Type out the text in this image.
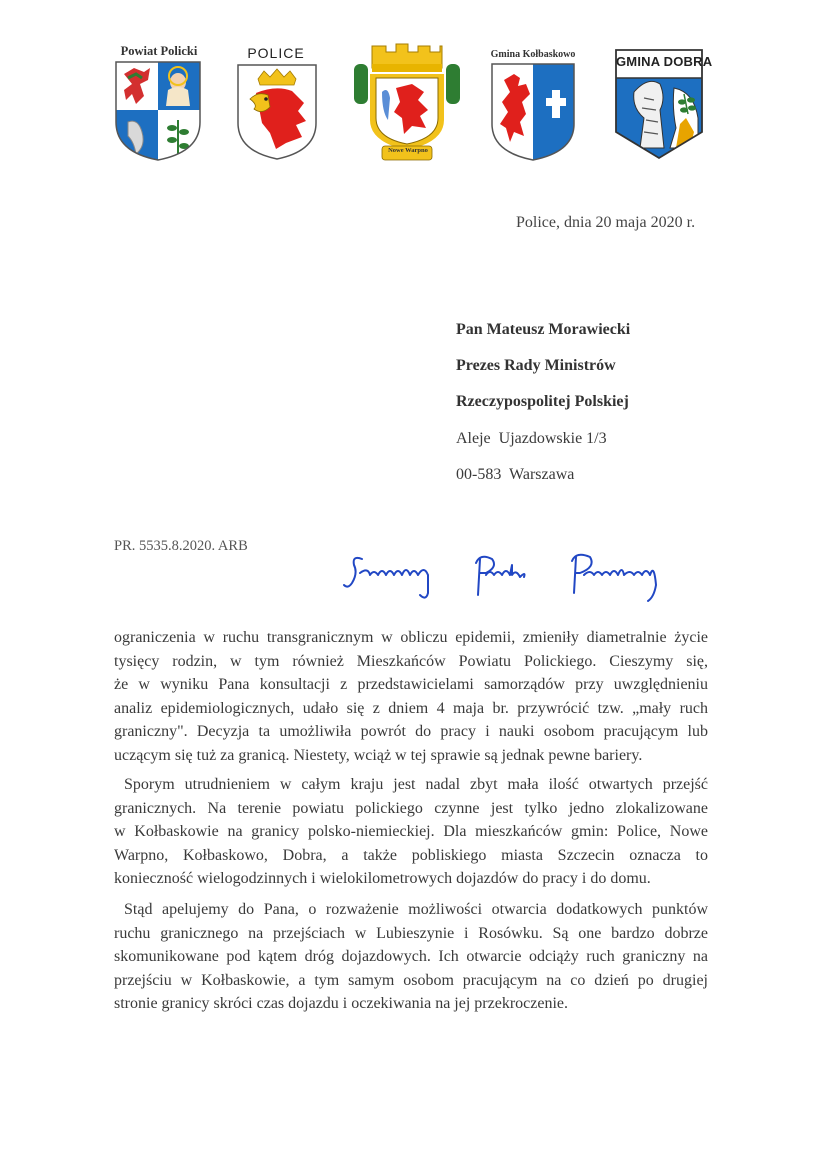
Powiat Policki	POLICE
Nowe Warpno
Gmina Kołbaskowo	GMINA DOBRA
Police, dnia 20 maja 2020 r.
Pan Mateusz Morawiecki
Prezes Rady Ministrów
Rzeczypospolitej Polskiej
Aleje  Ujazdowskie 1/3
00-583  Warszawa
PR. 5535.8.2020. ARB
ograniczenia w ruchu transgranicznym w obliczu epidemii, zmieniły diametralnie życie
tysięcy rodzin, w tym również Mieszkańców Powiatu Polickiego. Cieszymy się,
że w wyniku Pana konsultacji z przedstawicielami samorządów przy uwzględnieniu
analiz epidemiologicznych, udało się z dniem 4 maja br. przywrócić tzw. „mały ruch
graniczny". Decyzja ta umożliwiła powrót do pracy i nauki osobom pracującym lub
uczącym się tuż za granicą. Niestety, wciąż w tej sprawie są jednak pewne bariery.
Sporym utrudnieniem w całym kraju jest nadal zbyt mała ilość otwartych przejść
granicznych. Na terenie powiatu polickiego czynne jest tylko jedno zlokalizowane
w Kołbaskowie na granicy polsko-niemieckiej. Dla mieszkańców gmin: Police, Nowe
Warpno, Kołbaskowo, Dobra, a także pobliskiego miasta Szczecin oznacza to
konieczność wielogodzinnych i wielokilometrowych dojazdów do pracy i do domu.
Stąd apelujemy do Pana, o rozważenie możliwości otwarcia dodatkowych punktów
ruchu granicznego na przejściach w Lubieszynie i Rosówku. Są one bardzo dobrze
skomunikowane pod kątem dróg dojazdowych. Ich otwarcie odciąży ruch graniczny na
przejściu w Kołbaskowie, a tym samym osobom pracującym na co dzień po drugiej
stronie granicy skróci czas dojazdu i oczekiwania na jej przekroczenie.
